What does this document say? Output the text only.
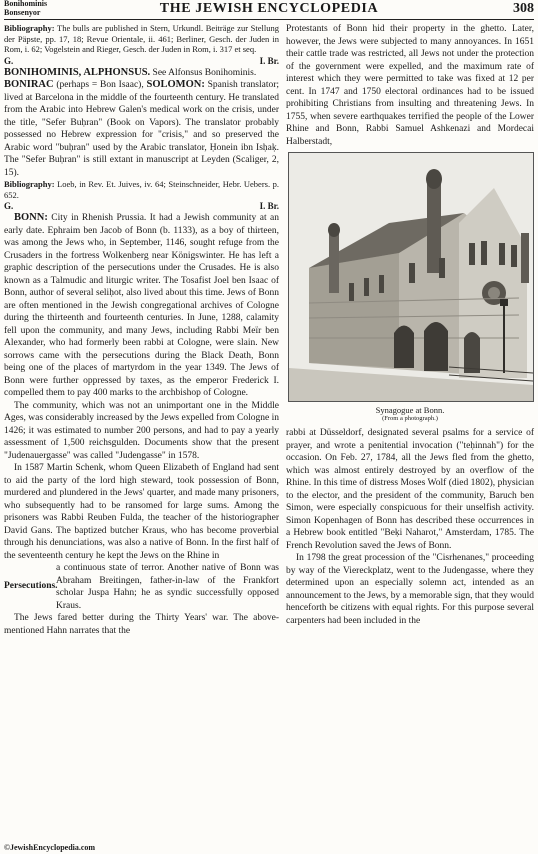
Bonihominis
Bonsenyor	THE JEWISH ENCYCLOPEDIA	308

Bibliography: The bulls are published in Stern, Urkundl. Beiträge zur Stellung der Päpste, pp. 17, 18; Revue Orientale, ii. 461; Berliner, Gesch. der Juden in Rom, i. 62; Vogelstein and Rieger, Gesch. der Juden in Rom, i. 317 et seq.

G.	I. Br.

BONIHOMINIS, ALPHONSUS. See Alfonsus Bonihominis.

BONIRAC (perhaps = Bon Isaac), SOLOMON: Spanish translator; lived at Barcelona in the middle of the fourteenth century. He translated from the Arabic into Hebrew Galen's medical work on the crisis, under the title, "Sefer Buḥran" (Book on Vapors). The translator probably possessed no Hebrew expression for "crisis," and so preserved the Arabic word "buḥran" used by the Arabic translator, Ḥonein ibn Isḥaḳ. The "Sefer Buḥran" is still extant in manuscript at Leyden (Scaliger, 2, 15).

Bibliography: Loeb, in Rev. Et. Juives, iv. 64; Steinschneider, Hebr. Uebers. p. 652.

G.	I. Br.

BONN: City in Rhenish Prussia. It had a Jewish community at an early date. Ephraim ben Jacob of Bonn (b. 1133), as a boy of thirteen, was among the Jews who, in September, 1146, sought refuge from the Crusaders in the fortress Wolkenberg near Königswinter. He has left a graphic description of the persecutions under the Crusades. He is also known as a Talmudic and liturgic writer. The Tosafist Joel ben Isaac of Bonn, author of several seliḥot, also lived about this time. Jews of Bonn are often mentioned in the Jewish congregational archives of Cologne during the thirteenth and fourteenth centuries. In June, 1288, calamity fell upon the community, and many Jews, including Rabbi Meïr ben Alexander, who had formerly been rabbi at Cologne, were slain. New sorrows came with the persecutions during the Black Death, Bonn being one of the places of martyrdom in the year 1349. The Jews of Bonn were further oppressed by taxes, as the emperor Frederick I. compelled them to pay 400 marks to the archbishop of Cologne.

The community, which was not an unimportant one in the Middle Ages, was considerably increased by the Jews expelled from Cologne in 1426; it was estimated to number 200 persons, and had to pay a yearly assessment of 1,500 reichsgulden. Documents show that the present "Judenauergasse" was called "Judengasse" in 1578.

In 1587 Martin Schenk, whom Queen Elizabeth of England had sent to aid the party of the lord high steward, took possession of Bonn, murdered and plundered in the Jews' quarter, and made many prisoners, who subsequently had to be ransomed for large sums. Among the prisoners was Rabbi Reuben Fulda, the teacher of the historiographer David Gans. The baptized butcher Kraus, who has become proverbial through his denunciations, was also a native of Bonn. In the first half of the seventeenth century he kept the Jews on the Rhine in

Persecutions.

a continuous state of terror. Another native of Bonn was Abraham Breitingen, father-in-law of the Frankfort scholar Juspa Hahn; he as syndic successfully opposed Kraus.

The Jews fared better during the Thirty Years' war. The above-mentioned Hahn narrates that the

Protestants of Bonn hid their property in the ghetto. Later, however, the Jews were subjected to many annoyances. In 1651 their cattle trade was restricted, all Jews not under the protection of the government were expelled, and the maximum rate of interest which they were permitted to take was fixed at 12 per cent. In 1747 and 1750 electoral ordinances had to be issued prohibiting Christians from insulting and threatening Jews. In 1755, when severe earthquakes terrified the people of the Lower Rhine and Bonn, Rabbi Samuel Ashkenazi and Mordecai Halberstadt,

Synagogue at Bonn.
(From a photograph.)

rabbi at Düsseldorf, designated several psalms for a service of prayer, and wrote a penitential invocation ("teḥinnah") for the occasion. On Feb. 27, 1784, all the Jews fled from the ghetto, which was almost entirely destroyed by an overflow of the Rhine. In this time of distress Moses Wolf (died 1802), physician to the elector, and the president of the community, Baruch ben Simon, were especially conspicuous for their unselfish activity. Simon Kopenhagen of Bonn has described these occurrences in a Hebrew book entitled "Beḳi Naharot," Amsterdam, 1785. The French Revolution saved the Jews of Bonn.

In 1798 the great procession of the "Cisrhenanes," proceeding by way of the Viereckplatz, went to the Judengasse, where they determined upon an especially solemn act, intended as an announcement to the Jews, by a memorable sign, that they would henceforth be citizens with equal rights. For this purpose several carpenters had been included in the

©JewishEncyclopedia.com
